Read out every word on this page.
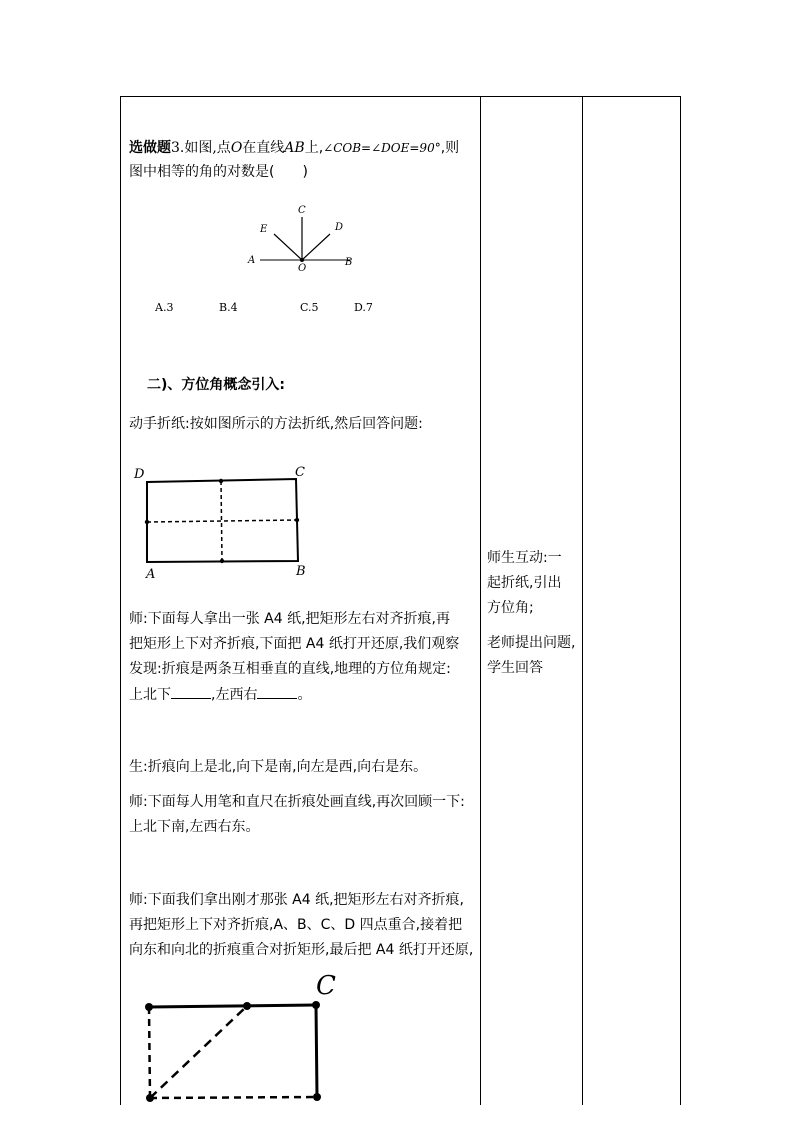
选做题3.如图,点O在直线AB上,∠COB=∠DOE=90°,则
图中相等的角的对数是(　　)
A	B
C
D
E
O
A.3	B.4	C.5	D.7
二)、方位角概念引入:
动手折纸:按如图所示的方法折纸,然后回答问题:
D	C
A	B
师:下面每人拿出一张 A4 纸,把矩形左右对齐折痕,再
把矩形上下对齐折痕,下面把 A4 纸打开还原,我们观察
发现:折痕是两条互相垂直的直线,地理的方位角规定:
上北下	,左西右	。
生:折痕向上是北,向下是南,向左是西,向右是东。
师:下面每人用笔和直尺在折痕处画直线,再次回顾一下:
上北下南,左西右东。
师:下面我们拿出刚才那张 A4 纸,把矩形左右对齐折痕,
再把矩形上下对齐折痕,A、B、C、D 四点重合,接着把
向东和向北的折痕重合对折矩形,最后把 A4 纸打开还原,
C
师生互动:一
起折纸,引出
方位角;
老师提出问题,
学生回答
